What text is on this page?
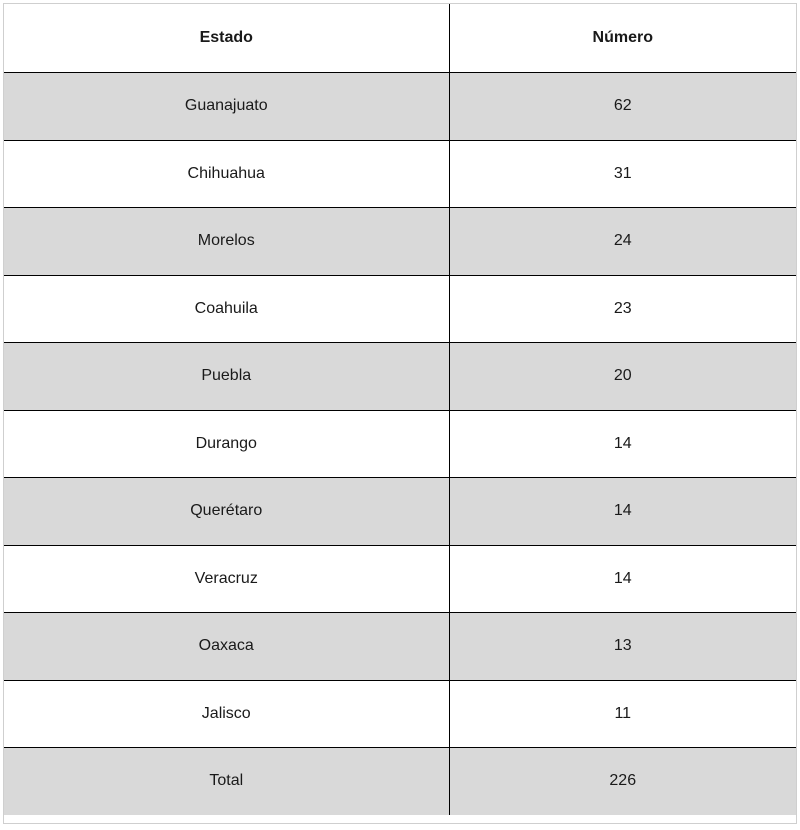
Estado	Número
Guanajuato	62
Chihuahua	31
Morelos	24
Coahuila	23
Puebla	20
Durango	14
Querétaro	14
Veracruz	14
Oaxaca	13
Jalisco	11
Total	226
